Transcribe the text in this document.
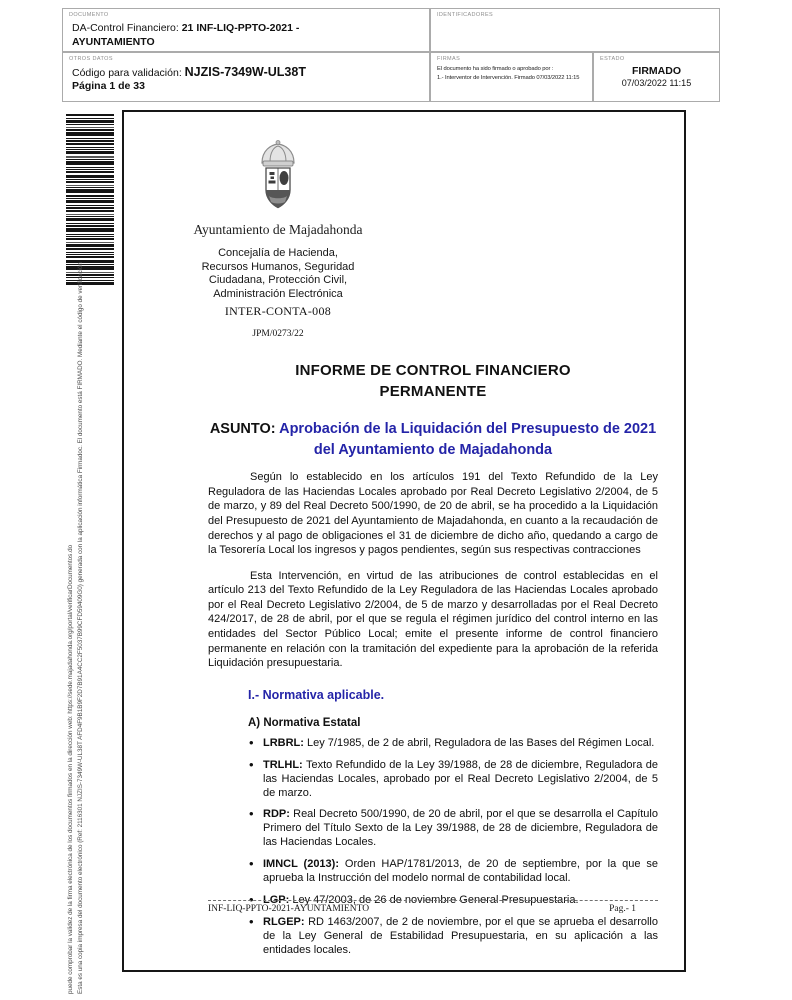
DOCUMENTO
DA-Control Financiero: 21 INF-LIQ-PPTO-2021 -AYUNTAMIENTO
IDENTIFICADORES
OTROS DATOS
Código para validación: NJZIS-7349W-UL38T
Página 1 de 33
FIRMAS
El documento ha sido firmado o aprobado por :
1.- Interventor de Intervención. Firmado 07/03/2022 11:15
ESTADO
FIRMADO
07/03/2022 11:15
Esta es una copia impresa del documento electrónico (Ref: 2116301 NJZIS-7349W-UL38T AFD4F9B1B9F2D7B91A4CC2F5037B99CFD59409G0) generada con la aplicación informática Firmadoc. El documento está FIRMADO. Mediante el código de verificación
puede comprobar la validez de la firma electrónica de los documentos firmados en la dirección web: https://sede.majadahonda.org/portal/verificarDocumentos.do
Ayuntamiento de Majadahonda
Concejalía de Hacienda,
Recursos Humanos, Seguridad
Ciudadana, Protección Civil,
Administración Electrónica
INTER-CONTA-008
JPM/0273/22
INFORME DE CONTROL FINANCIERO
PERMANENTE
ASUNTO: Aprobación de la Liquidación del Presupuesto de 2021 del Ayuntamiento de Majadahonda

Según lo establecido en los artículos 191 del Texto Refundido de la Ley Reguladora de las Haciendas Locales aprobado por Real Decreto Legislativo 2/2004, de 5 de marzo, y 89 del Real Decreto 500/1990, de 20 de abril, se ha procedido a la Liquidación del Presupuesto de 2021 del Ayuntamiento de Majadahonda, en cuanto a la recaudación de derechos y al pago de obligaciones el 31 de diciembre de dicho año, quedando a cargo de la Tesorería Local los ingresos y pagos pendientes, según sus respectivas contracciones

Esta Intervención, en virtud de las atribuciones de control establecidas en el artículo 213 del Texto Refundido de la Ley Reguladora de las Haciendas Locales aprobado por el Real Decreto Legislativo 2/2004, de 5 de marzo y desarrolladas por el Real Decreto 424/2017, de 28 de abril, por el que se regula el régimen jurídico del control interno en las entidades del Sector Público Local; emite el presente informe de control financiero permanente en relación con la tramitación del expediente para la aprobación de la referida Liquidación presupuestaria.

I.- Normativa aplicable.
A) Normativa Estatal
• LRBRL: Ley 7/1985, de 2 de abril, Reguladora de las Bases del Régimen Local.
• TRLHL: Texto Refundido de la Ley 39/1988, de 28 de diciembre, Reguladora de las Haciendas Locales, aprobado por el Real Decreto Legislativo 2/2004, de 5 de marzo.
• RDP: Real Decreto 500/1990, de 20 de abril, por el que se desarrolla el Capítulo Primero del Título Sexto de la Ley 39/1988, de 28 de diciembre, Reguladora de las Haciendas Locales.
• IMNCL (2013): Orden HAP/1781/2013, de 20 de septiembre, por la que se aprueba la Instrucción del modelo normal de contabilidad local.
• LGP: Ley 47/2003, de 26 de noviembre General Presupuestaria.
• RLGEP: RD 1463/2007, de 2 de noviembre, por el que se aprueba el desarrollo de la Ley General de Estabilidad Presupuestaria, en su aplicación a las entidades locales.
INF-LIQ-PPTO-2021-AYUNTAMIENTO	Pag.- 1
